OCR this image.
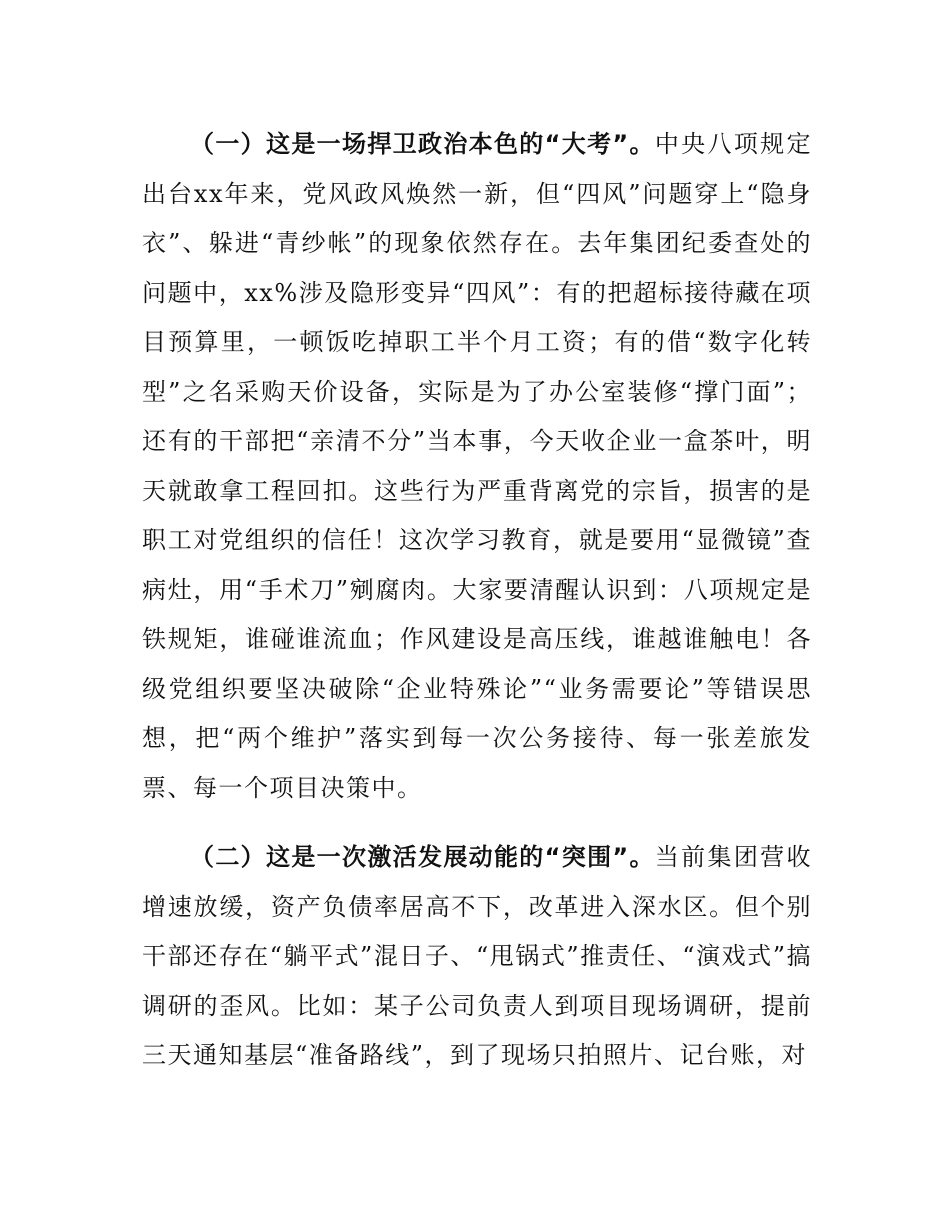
（一）这是一场捍卫政治本色的“大考”。中央八项规定出台xx年来，党风政风焕然一新，但“四风”问题穿上“隐身衣”、躲进“青纱帐”的现象依然存在。去年集团纪委查处的问题中，xx%涉及隐形变异“四风”：有的把超标接待藏在项目预算里，一顿饭吃掉职工半个月工资；有的借“数字化转型”之名采购天价设备，实际是为了办公室装修“撑门面”；还有的干部把“亲清不分”当本事，今天收企业一盒茶叶，明天就敢拿工程回扣。这些行为严重背离党的宗旨，损害的是职工对党组织的信任！这次学习教育，就是要用“显微镜”查病灶，用“手术刀”剜腐肉。大家要清醒认识到：八项规定是铁规矩，谁碰谁流血；作风建设是高压线，谁越谁触电！各级党组织要坚决破除“企业特殊论”“业务需要论”等错误思想，把“两个维护”落实到每一次公务接待、每一张差旅发票、每一个项目决策中。

（二）这是一次激活发展动能的“突围”。当前集团营收增速放缓，资产负债率居高不下，改革进入深水区。但个别干部还存在“躺平式”混日子、“甩锅式”推责任、“演戏式”搞调研的歪风。比如：某子公司负责人到项目现场调研，提前三天通知基层“准备路线”，到了现场只拍照片、记台账，对
